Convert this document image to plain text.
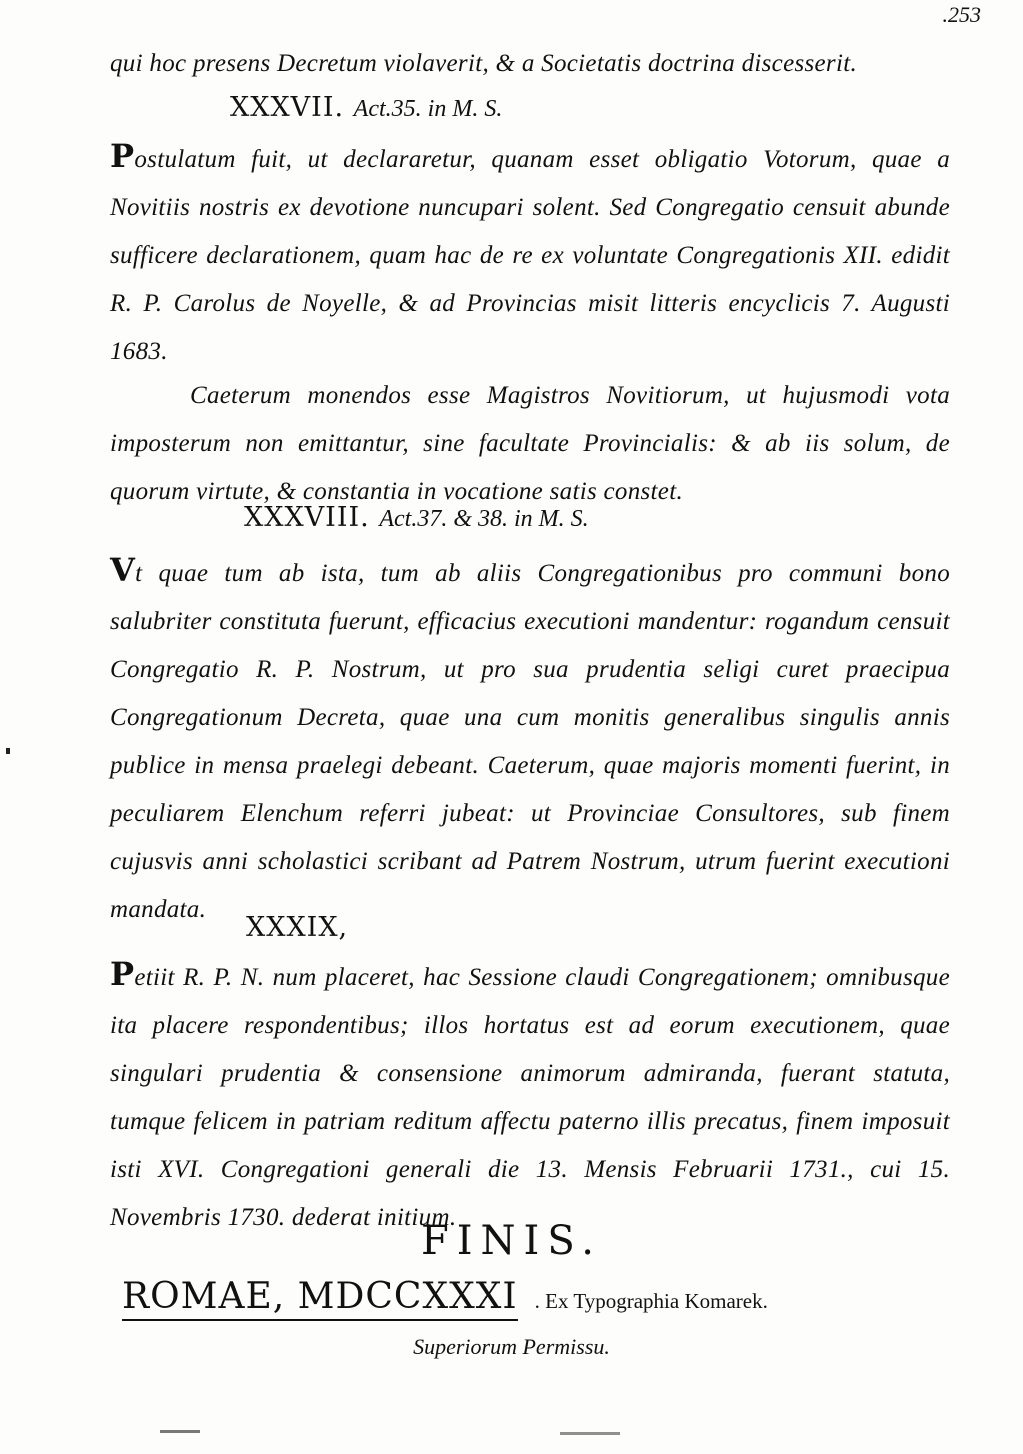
.253
qui hoc presens Decretum violaverit, & a Societatis doctrina discesserit.
XXXVII. Act.35. in M. S.
Postulatum fuit, ut declararetur, quanam esset obligatio Votorum, quae a Novitiis nostris ex devotione nuncupari solent. Sed Congregatio censuit abunde sufficere declarationem, quam hac de re ex voluntate Congregationis XII. edidit R. P. Carolus de Noyelle, & ad Provincias misit litteris encyclicis 7. Augusti 1683.
Caeterum monendos esse Magistros Novitiorum, ut hujusmodi vota imposterum non emittantur, sine facultate Provincialis: & ab iis solum, de quorum virtute, & constantia in vocatione satis constet.
XXXVIII. Act.37. & 38. in M. S.
Vt quae tum ab ista, tum ab aliis Congregationibus pro communi bono salubriter constituta fuerunt, efficacius executioni mandentur: rogandum censuit Congregatio R. P. Nostrum, ut pro sua prudentia seligi curet praecipua Congregationum Decreta, quae una cum monitis generalibus singulis annis publice in mensa praelegi debeant. Caeterum, quae majoris momenti fuerint, in peculiarem Elenchum referri jubeat: ut Provinciae Consultores, sub finem cujusvis anni scholastici scribant ad Patrem Nostrum, utrum fuerint executioni mandata.
XXXIX,
Petiit R. P. N. num placeret, hac Sessione claudi Congregationem; omnibusque ita placere respondentibus; illos hortatus est ad eorum executionem, quae singulari prudentia & consensione animorum admiranda, fuerant statuta, tumque felicem in patriam reditum affectu paterno illis precatus, finem imposuit isti XVI. Congregationi generali die 13. Mensis Februarii 1731., cui 15. Novembris 1730. dederat initium.
FINIS.
ROMAE, MDCCXXXI . Ex Typographia Komarek.
Superiorum Permissu.
